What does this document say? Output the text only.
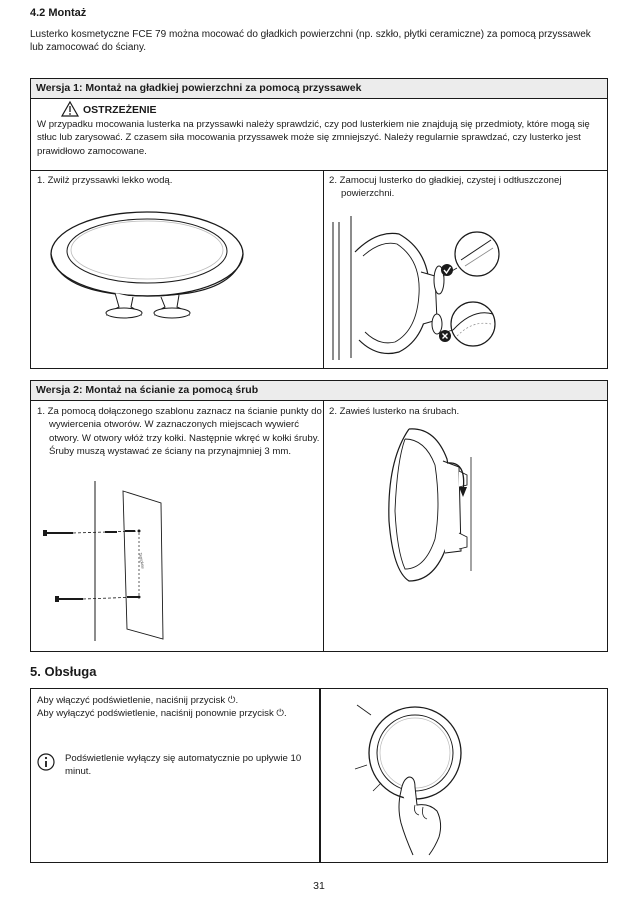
4.2 Montaż
Lusterko kosmetyczne FCE 79 można mocować do gładkich powierzchni (np. szkło, płytki ceramiczne) za pomocą przyssawek lub zamocować do ściany.
Wersja 1: Montaż na gładkiej powierzchni za pomocą przyssawek
OSTRZEŻENIE
W przypadku mocowania lusterka na przyssawki należy sprawdzić, czy pod lusterkiem nie znajdują się przedmioty, które mogą się stłuc lub zarysować. Z czasem siła mocowania przyssawek może się zmniejszyć. Należy regularnie sprawdzać, czy lusterko jest prawidłowo zamocowane.
1. Zwilż przyssawki lekko wodą.	2. Zamocuj lusterko do gładkiej, czystej i odtłuszczonej powierzchni.
Wersja 2: Montaż na ścianie za pomocą śrub
1. Za pomocą dołączonego szablonu zaznacz na ścianie punkty do wywiercenia otworów. W zaznaczonych miejscach wywierć otwory. W otwory włóż trzy kołki. Następnie wkręć w kołki śruby. Śruby muszą wystawać ze ściany na przynajmniej 3 mm.
2. Zawieś lusterko na śrubach.
Template
5. Obsługa
Aby włączyć podświetlenie, naciśnij przycisk ⏻.
Aby wyłączyć podświetlenie, naciśnij ponownie przycisk ⏻.
Podświetlenie wyłączy się automatycznie po upływie 10 minut.
31
